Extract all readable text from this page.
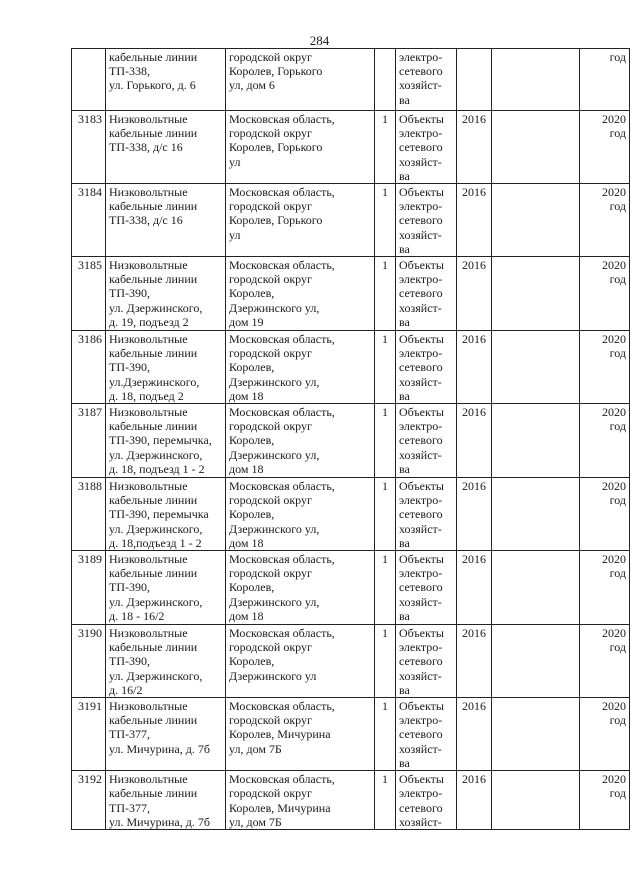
284

	кабельные линии
ТП-338,
ул. Горького, д. 6	городской округ
Королев, Горького
ул, дом 6		электро-
сетевого
хозяйст-
ва			год

3183	Низковольтные
кабельные линии
ТП-338, д/с 16	Московская область,
городской округ
Королев, Горького
ул	1	Объекты
электро-
сетевого
хозяйст-
ва	2016		2020
год

3184	Низковольтные
кабельные линии
ТП-338, д/с 16	Московская область,
городской округ
Королев, Горького
ул	1	Объекты
электро-
сетевого
хозяйст-
ва	2016		2020
год

3185	Низковольтные
кабельные линии
ТП-390,
ул. Дзержинского,
д. 19, подъезд 2	Московская область,
городской округ
Королев,
Дзержинского ул,
дом 19	1	Объекты
электро-
сетевого
хозяйст-
ва	2016		2020
год

3186	Низковольтные
кабельные линии
ТП-390,
ул.Дзержинского,
д. 18, подъед 2	Московская область,
городской округ
Королев,
Дзержинского ул,
дом 18	1	Объекты
электро-
сетевого
хозяйст-
ва	2016		2020
год

3187	Низковольтные
кабельные линии
ТП-390, перемычка,
ул. Дзержинского,
д. 18, подъезд 1 - 2	Московская область,
городской округ
Королев,
Дзержинского ул,
дом 18	1	Объекты
электро-
сетевого
хозяйст-
ва	2016		2020
год

3188	Низковольтные
кабельные линии
ТП-390, перемычка
ул. Дзержинского,
д. 18,подъезд 1 - 2	Московская область,
городской округ
Королев,
Дзержинского ул,
дом 18	1	Объекты
электро-
сетевого
хозяйст-
ва	2016		2020
год

3189	Низковольтные
кабельные линии
ТП-390,
ул. Дзержинского,
д. 18 - 16/2	Московская область,
городской округ
Королев,
Дзержинского ул,
дом 18	1	Объекты
электро-
сетевого
хозяйст-
ва	2016		2020
год

3190	Низковольтные
кабельные линии
ТП-390,
ул. Дзержинского,
д. 16/2	Московская область,
городской округ
Королев,
Дзержинского ул	1	Объекты
электро-
сетевого
хозяйст-
ва	2016		2020
год

3191	Низковольтные
кабельные линии
ТП-377,
ул. Мичурина, д. 7б	Московская область,
городской округ
Королев, Мичурина
ул, дом 7Б	1	Объекты
электро-
сетевого
хозяйст-
ва	2016		2020
год

3192	Низковольтные
кабельные линии
ТП-377,
ул. Мичурина, д. 7б	Московская область,
городской округ
Королев, Мичурина
ул, дом 7Б	1	Объекты
электро-
сетевого
хозяйст-	2016		2020
год
